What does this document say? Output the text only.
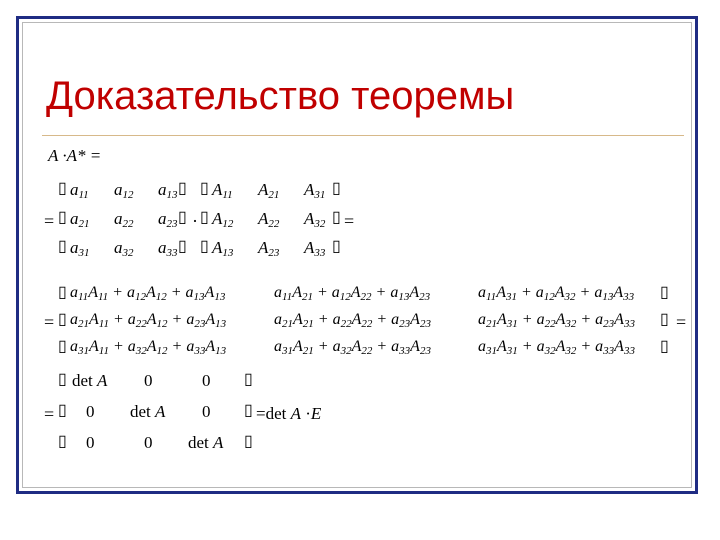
Доказательство теоремы
A ·A* =
=
▯
▯
▯
▯
▯
▯
$a_{11}$ $a_{12}$ $a_{13}$
$a_{21}$ $a_{22}$ $a_{23}$
$a_{31}$ $a_{32}$ $a_{33}$
·
▯
▯
▯
▯
▯
▯
$A_{11}$ $A_{21}$ $A_{31}$
$A_{12}$ $A_{22}$ $A_{32}$
$A_{13}$ $A_{23}$ $A_{33}$
=
=
▯
▯
▯
▯
▯
▯
$a_{11}A_{11} + a_{12}A_{12} + a_{13}A_{13}$	$a_{11}A_{21} + a_{12}A_{22} + a_{13}A_{23}$	$a_{11}A_{31} + a_{12}A_{32} + a_{13}A_{33}$
$a_{21}A_{11} + a_{22}A_{12} + a_{23}A_{13}$	$a_{21}A_{21} + a_{22}A_{22} + a_{23}A_{23}$	$a_{21}A_{31} + a_{22}A_{32} + a_{23}A_{33}$
$a_{31}A_{11} + a_{32}A_{12} + a_{33}A_{13}$	$a_{31}A_{21} + a_{32}A_{22} + a_{33}A_{23}$	$a_{31}A_{31} + a_{32}A_{32} + a_{33}A_{33}$
=
=
▯
▯
▯
▯
▯
▯
det A 0	0
0 det A 0
0	0 det A
=det A ·E
